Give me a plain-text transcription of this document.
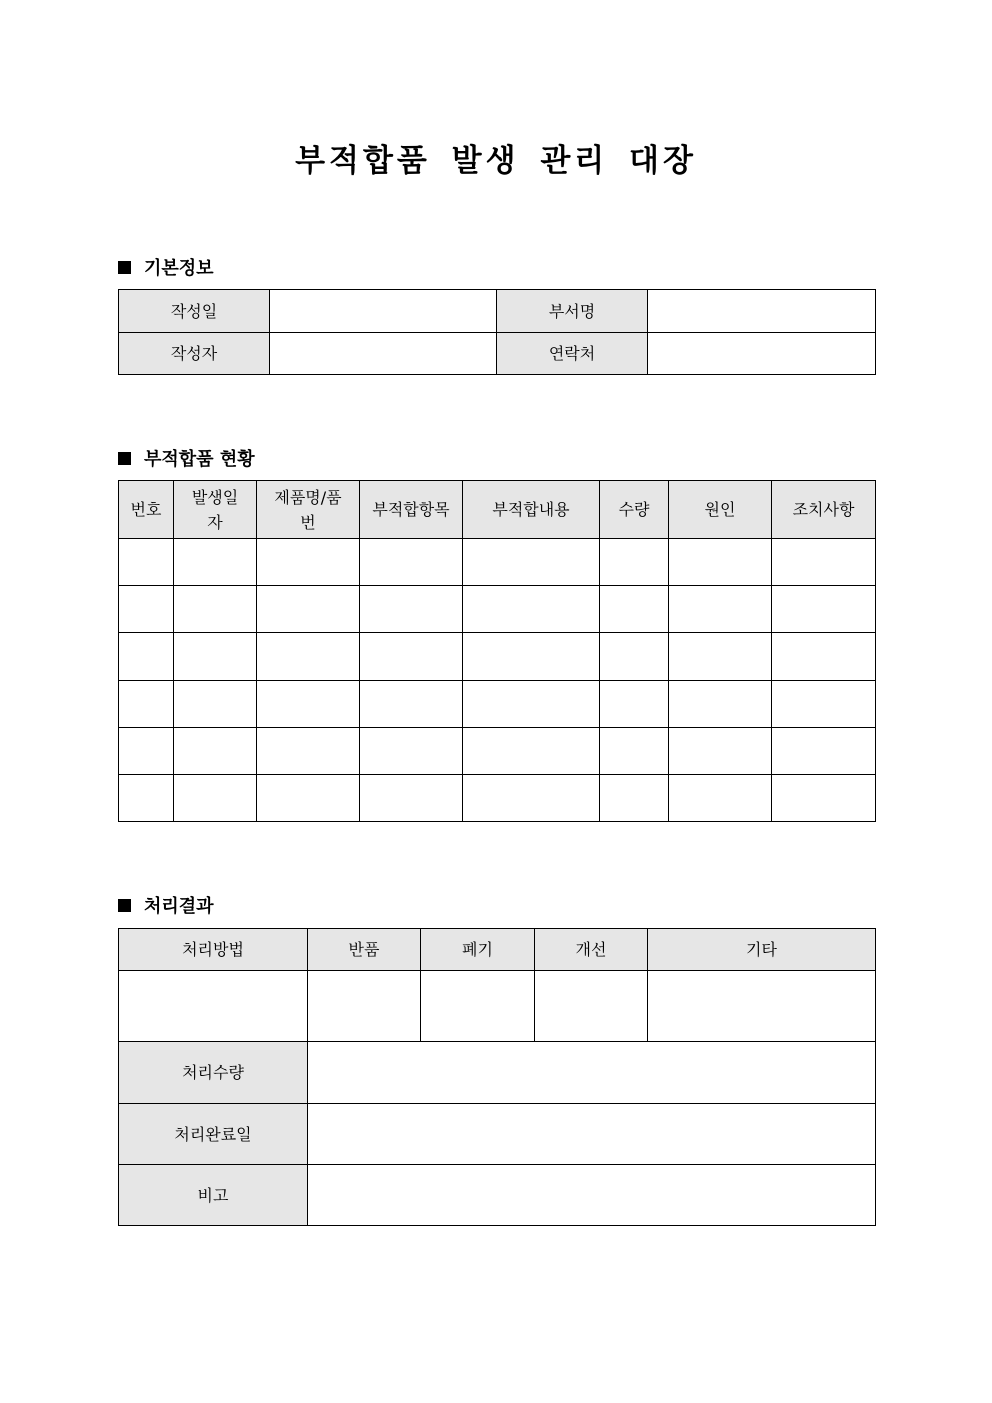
부적합품 발생 관리 대장
기본정보
작성일		부서명	
작성자		연락처	
부적합품 현황
번호	발생일자	제품명/품번	부적합항목	부적합내용	수량	원인	조치사항

처리결과
처리방법	반품	폐기	개선	기타

처리수량				
처리완료일				
비고				
